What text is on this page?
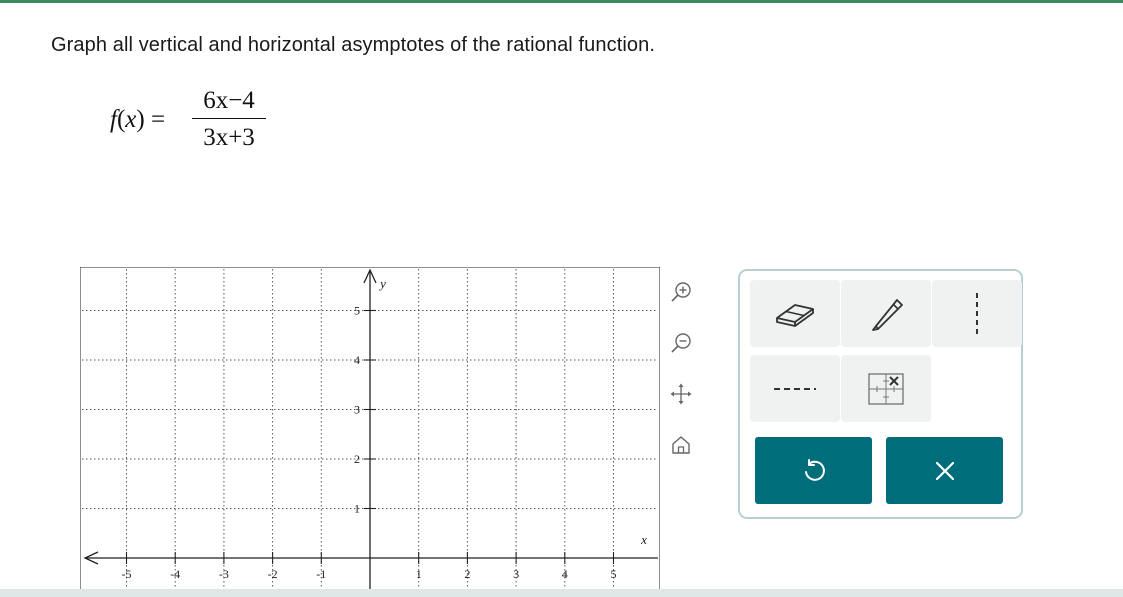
Graph all vertical and horizontal asymptotes of the rational function.
f(x) =
6x−4
3x+3
-5	-4	-3	-2	-1	1	2	3	4	5
5
4
3
2
1
x
y
